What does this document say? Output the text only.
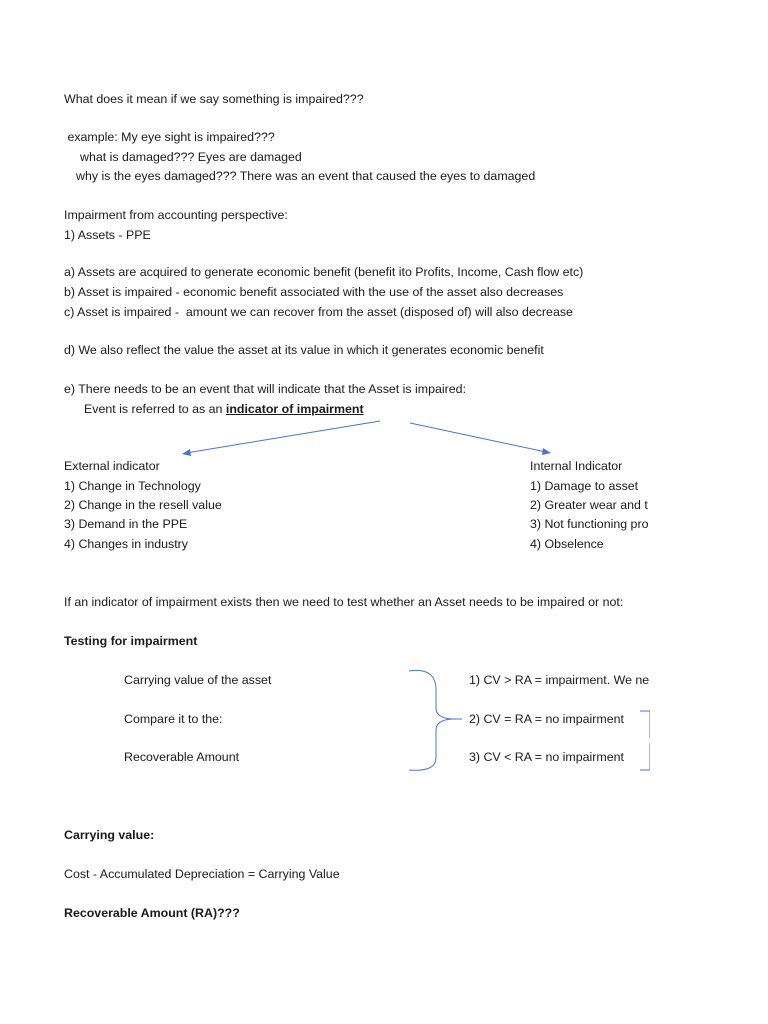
What does it mean if we say something is impaired???
example: My eye sight is impaired???
what is damaged??? Eyes are damaged
why is the eyes damaged??? There was an event that caused the eyes to damaged
Impairment from accounting perspective:
1) Assets - PPE
a) Assets are acquired to generate economic benefit (benefit ito Profits, Income, Cash flow etc)
b) Asset is impaired - economic benefit associated with the use of the asset also decreases
c) Asset is impaired -  amount we can recover from the asset (disposed of) will also decrease
d) We also reflect the value the asset at its value in which it generates economic benefit
e) There needs to be an event that will indicate that the Asset is impaired:
Event is referred to as an indicator of impairment
External indicator
1) Change in Technology
2) Change in the resell value
3) Demand in the PPE
4) Changes in industry
Internal Indicator
1) Damage to asset
2) Greater wear and t
3) Not functioning pro
4) Obselence
If an indicator of impairment exists then we need to test whether an Asset needs to be impaired or not:
Testing for impairment
Carrying value of the asset
Compare it to the:
Recoverable Amount
1) CV > RA = impairment. We ne
2) CV = RA = no impairment
3) CV < RA = no impairment
Carrying value:
Cost - Accumulated Depreciation = Carrying Value
Recoverable Amount (RA)???
